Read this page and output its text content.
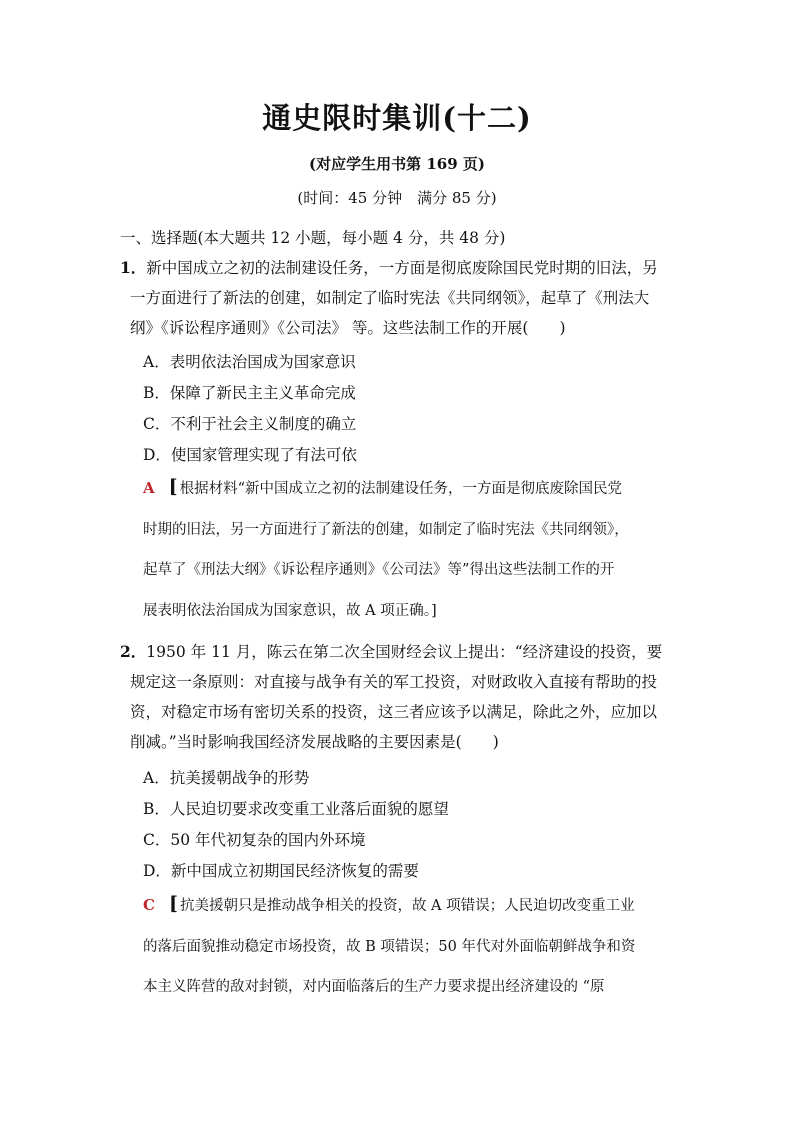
通史限时集训(十二)
(对应学生用书第 169 页)
(时间：45 分钟　满分 85 分)
一、选择题(本大题共 12 小题，每小题 4 分，共 48 分)
1．新中国成立之初的法制建设任务，一方面是彻底废除国民党时期的旧法，另
一方面进行了新法的创建，如制定了临时宪法《共同纲领》，起草了《刑法大
纲》《诉讼程序通则》《公司法》 等。这些法制工作的开展(　　)
A．表明依法治国成为国家意识
B．保障了新民主主义革命完成
C．不利于社会主义制度的确立
D．使国家管理实现了有法可依
A [ 根据材料“新中国成立之初的法制建设任务，一方面是彻底废除国民党
时期的旧法，另一方面进行了新法的创建，如制定了临时宪法《共同纲领》，
起草了《刑法大纲》《诉讼程序通则》《公司法》等”得出这些法制工作的开
展表明依法治国成为国家意识，故 A 项正确。]
2．1950 年 11 月，陈云在第二次全国财经会议上提出：“经济建设的投资，要
规定这一条原则：对直接与战争有关的军工投资，对财政收入直接有帮助的投
资，对稳定市场有密切关系的投资，这三者应该予以满足，除此之外，应加以
削减。”当时影响我国经济发展战略的主要因素是(　　)
A．抗美援朝战争的形势
B．人民迫切要求改变重工业落后面貌的愿望
C．50 年代初复杂的国内外环境
D．新中国成立初期国民经济恢复的需要
C [ 抗美援朝只是推动战争相关的投资，故 A 项错误；人民迫切改变重工业
的落后面貌推动稳定市场投资，故 B 项错误；50 年代对外面临朝鲜战争和资
本主义阵营的敌对封锁，对内面临落后的生产力要求提出经济建设的 “原
